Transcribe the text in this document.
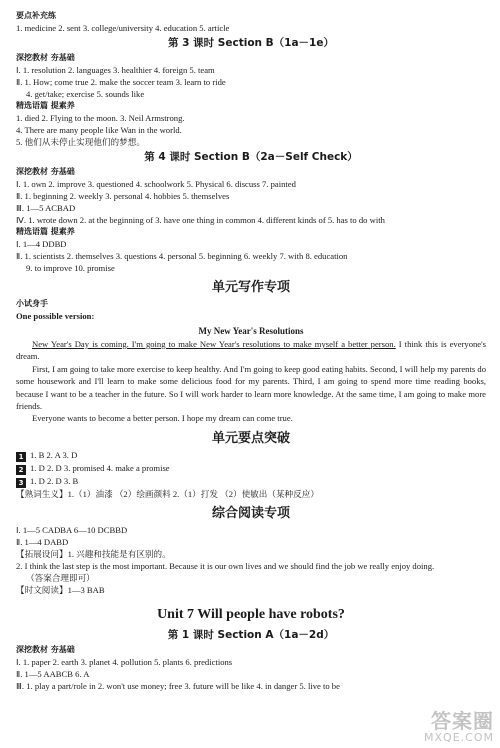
要点补充练
1. medicine 2. sent 3. college/university 4. education 5. article
第 3 课时 Section B（1a－1e）
深挖教材 夯基础
Ⅰ. 1. resolution 2. languages 3. healthier 4. foreign 5. team
Ⅱ. 1. How; come true 2. make the soccer team 3. learn to ride
4. get/take; exercise 5. sounds like
精选语篇 提素养
1. died 2. Flying to the moon. 3. Neil Armstrong.
4. There are many people like Wan in the world.
5. 他们从未停止实现他们的梦想。
第 4 课时 Section B（2a－Self Check）
深挖教材 夯基础
Ⅰ. 1. own 2. improve 3. questioned 4. schoolwork 5. Physical 6. discuss 7. painted
Ⅱ. 1. beginning 2. weekly 3. personal 4. hobbies 5. themselves
Ⅲ. 1—5 ACBAD
Ⅳ. 1. wrote down 2. at the beginning of 3. have one thing in common 4. different kinds of 5. has to do with
精选语篇 提素养
Ⅰ. 1—4 DDBD
Ⅱ. 1. scientists 2. themselves 3. questions 4. personal 5. beginning 6. weekly 7. with 8. education
9. to improve 10. promise
单元写作专项
小试身手
One possible version:
My New Year's Resolutions
New Year's Day is coming. I'm going to make New Year's resolutions to make myself a better person. I think this is everyone's dream.
First, I am going to take more exercise to keep healthy. And I'm going to keep good eating habits. Second, I will help my parents do some housework and I'll learn to make some delicious food for my parents. Third, I am going to spend more time reading books, because I want to be a teacher in the future. So I will work harder to learn more knowledge. At the same time, I am going to make more friends.
Everyone wants to become a better person. I hope my dream can come true.
单元要点突破
1 1. B 2. A 3. D
2 1. D 2. D 3. promised 4. make a promise
3 1. D 2. D 3. B
【熟词生义】1.（1）油漆 （2）绘画颜料 2.（1）打发 （2）使敏出（某种反应）
综合阅读专项
Ⅰ. 1—5 CADBA 6—10 DCBBD
Ⅱ. 1—4 DABD
【拓展设问】1. 兴趣和技能是有区别的。
2. I think the last step is the most important. Because it is our own lives and we should find the job we really enjoy doing.
（答案合理即可）
【时文阅读】1—3 BAB
Unit 7 Will people have robots?
第 1 课时 Section A（1a－2d）
深挖教材 夯基础
Ⅰ. 1. paper 2. earth 3. planet 4. pollution 5. plants 6. predictions
Ⅱ. 1—5 AABCB 6. A
Ⅲ. 1. play a part/role in 2. won't use money; free 3. future will be like 4. in danger 5. live to be
答案圈
MXQE.COM
